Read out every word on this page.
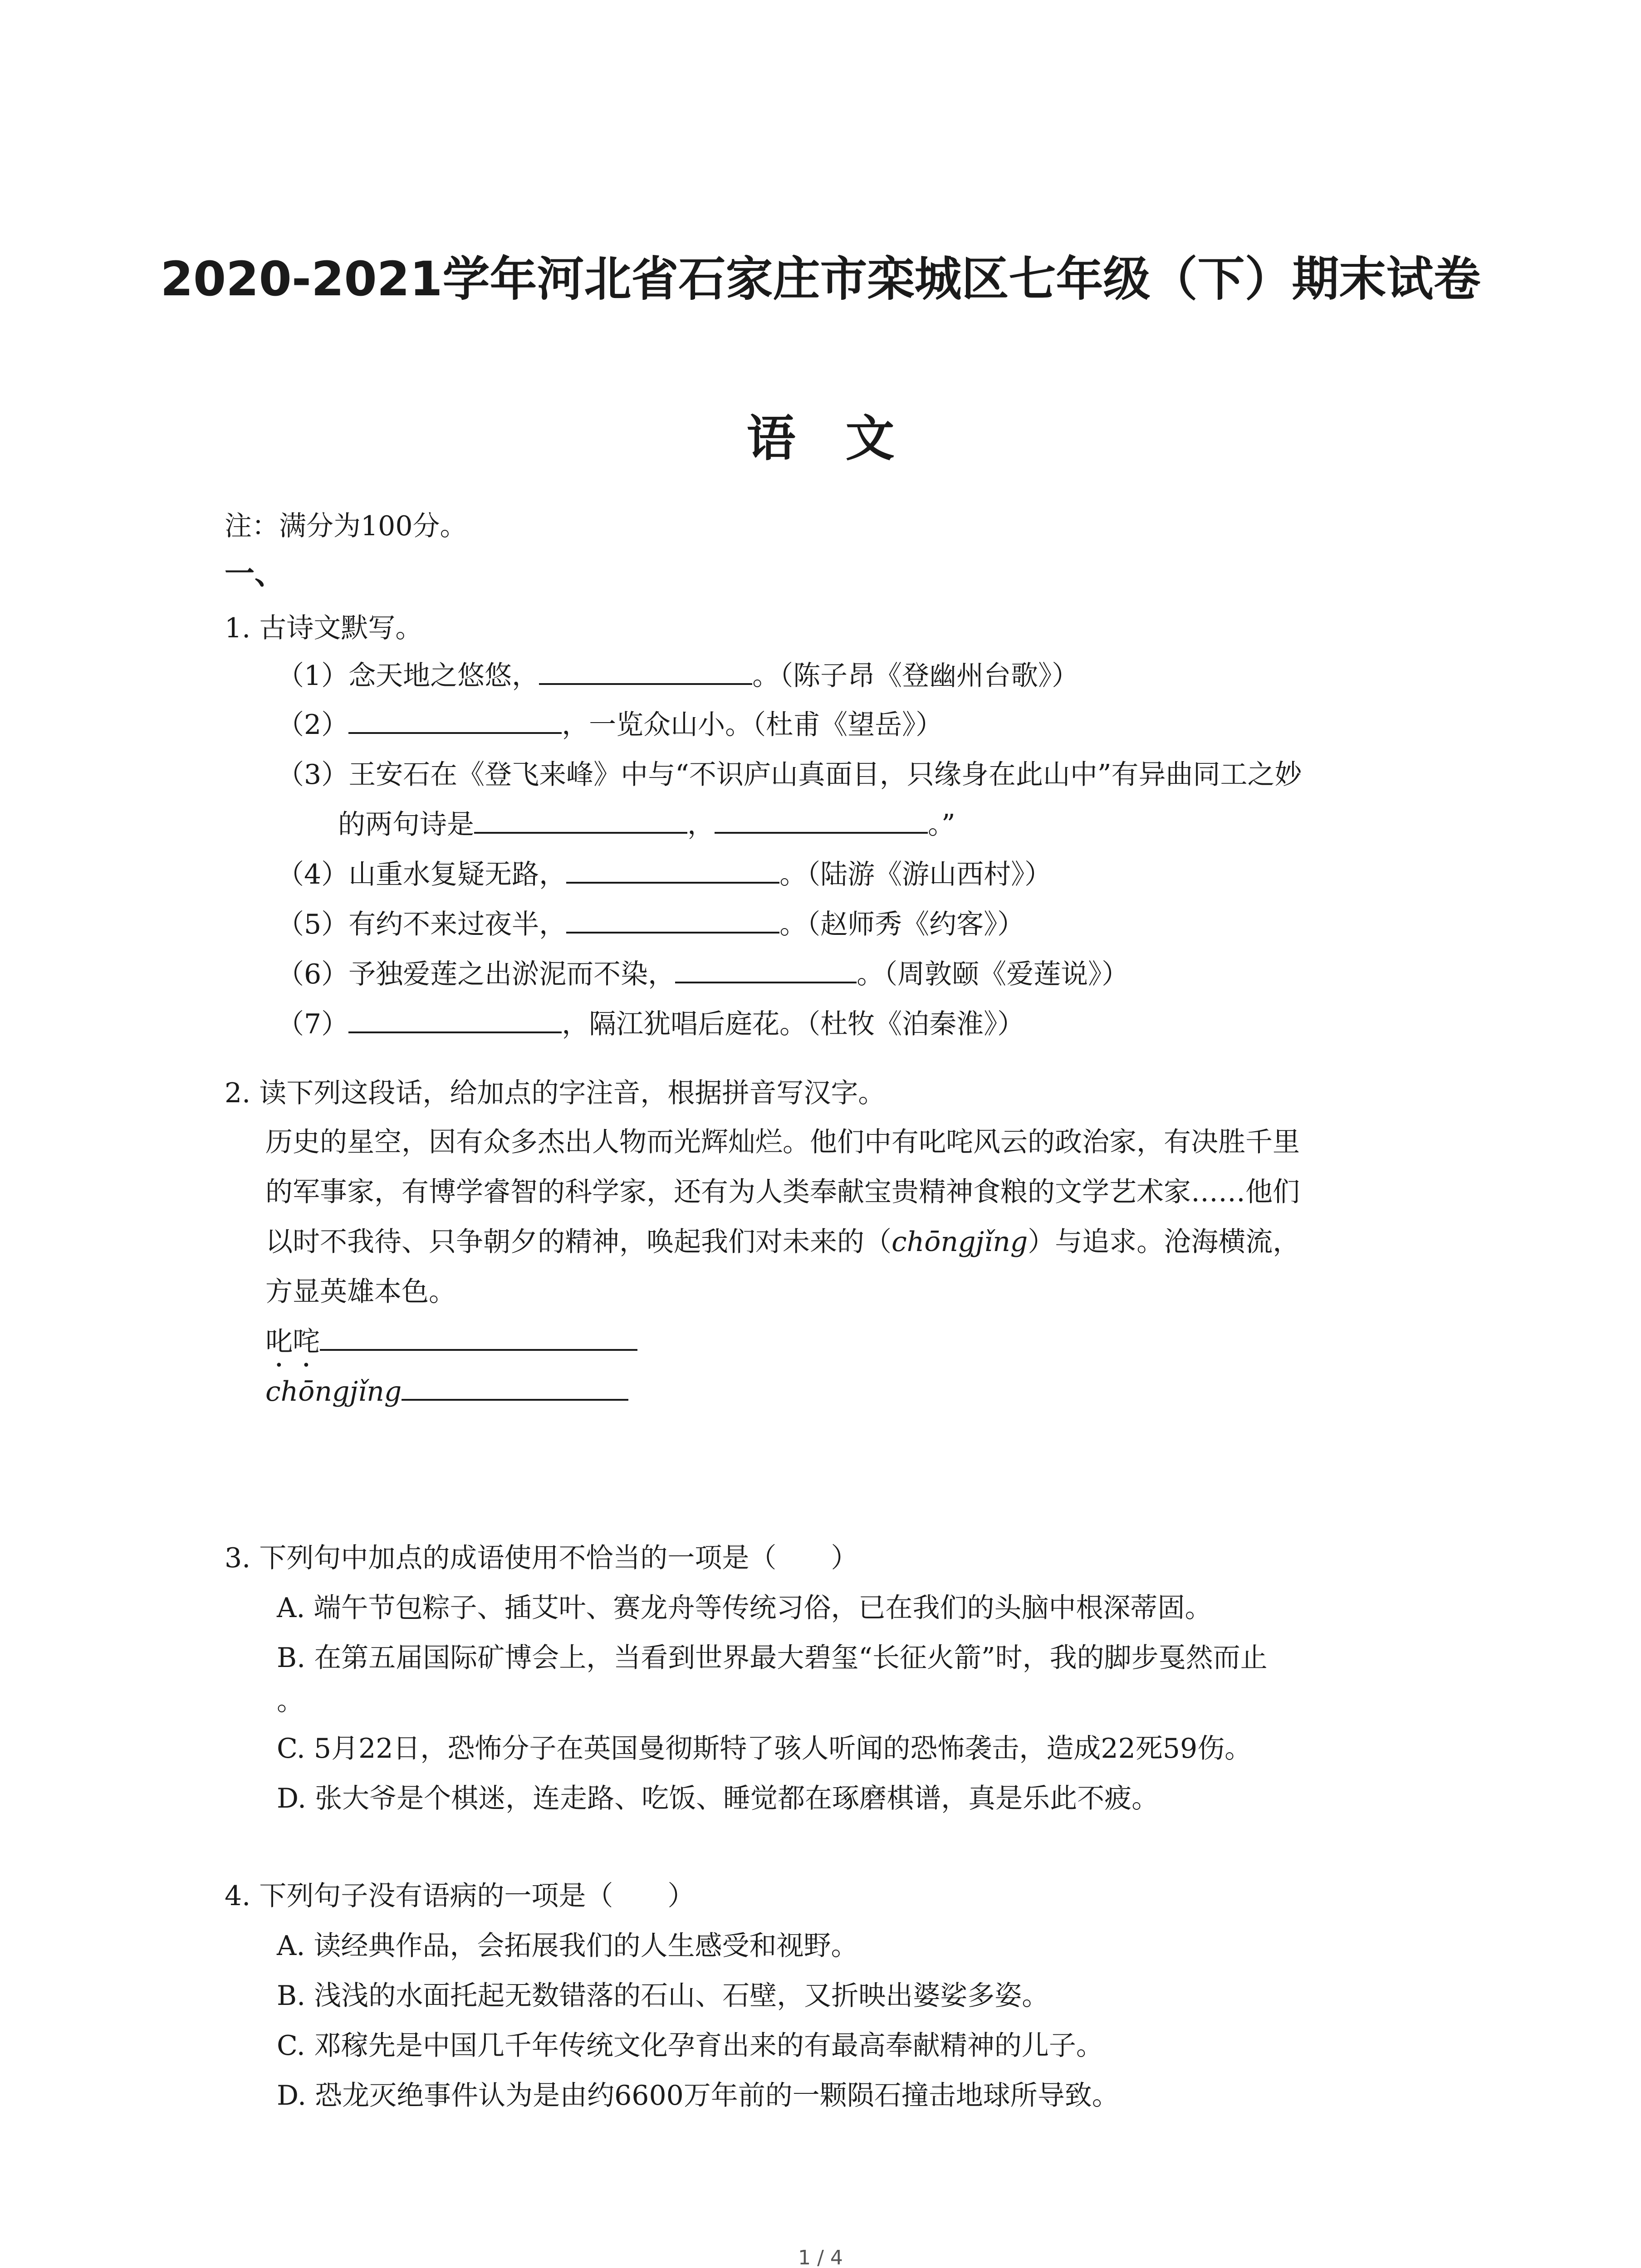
2020-2021学年河北省石家庄市栾城区七年级（下）期末试卷
语文
注：满分为100分。
一、
1. 古诗文默写。
（1）念天地之悠悠，	。（陈子昂《登幽州台歌》）
（2）	，一览众山小。（杜甫《望岳》）
（3）王安石在《登飞来峰》中与“不识庐山真面目，只缘身在此山中”有异曲同工之妙
的两句诗是	，	。”
（4）山重水复疑无路，	。（陆游《游山西村》）
（5）有约不来过夜半，	。（赵师秀《约客》）
（6）予独爱莲之出淤泥而不染，	。（周敦颐《爱莲说》）
（7）	，隔江犹唱后庭花。（杜牧《泊秦淮》）
2. 读下列这段话，给加点的字注音，根据拼音写汉字。
历史的星空，因有众多杰出人物而光辉灿烂。他们中有叱咤风云的政治家，有决胜千里
的军事家，有博学睿智的科学家，还有为人类奉献宝贵精神食粮的文学艺术家……他们
以时不我待、只争朝夕的精神，唤起我们对未来的（chōngjǐng）与追求。沧海横流，
方显英雄本色。
叱咤
chōngjǐng
3. 下列句中加点的成语使用不恰当的一项是（　　）
A. 端午节包粽子、插艾叶、赛龙舟等传统习俗，已在我们的头脑中根深蒂固。
B. 在第五届国际矿博会上，当看到世界最大碧玺“长征火箭”时，我的脚步戛然而止
。
C. 5月22日，恐怖分子在英国曼彻斯特了骇人听闻的恐怖袭击，造成22死59伤。
D. 张大爷是个棋迷，连走路、吃饭、睡觉都在琢磨棋谱，真是乐此不疲。
4. 下列句子没有语病的一项是（　　）
A. 读经典作品，会拓展我们的人生感受和视野。
B. 浅浅的水面托起无数错落的石山、石壁，又折映出婆娑多姿。
C. 邓稼先是中国几千年传统文化孕育出来的有最高奉献精神的儿子。
D. 恐龙灭绝事件认为是由约6600万年前的一颗陨石撞击地球所导致。
1 / 4
